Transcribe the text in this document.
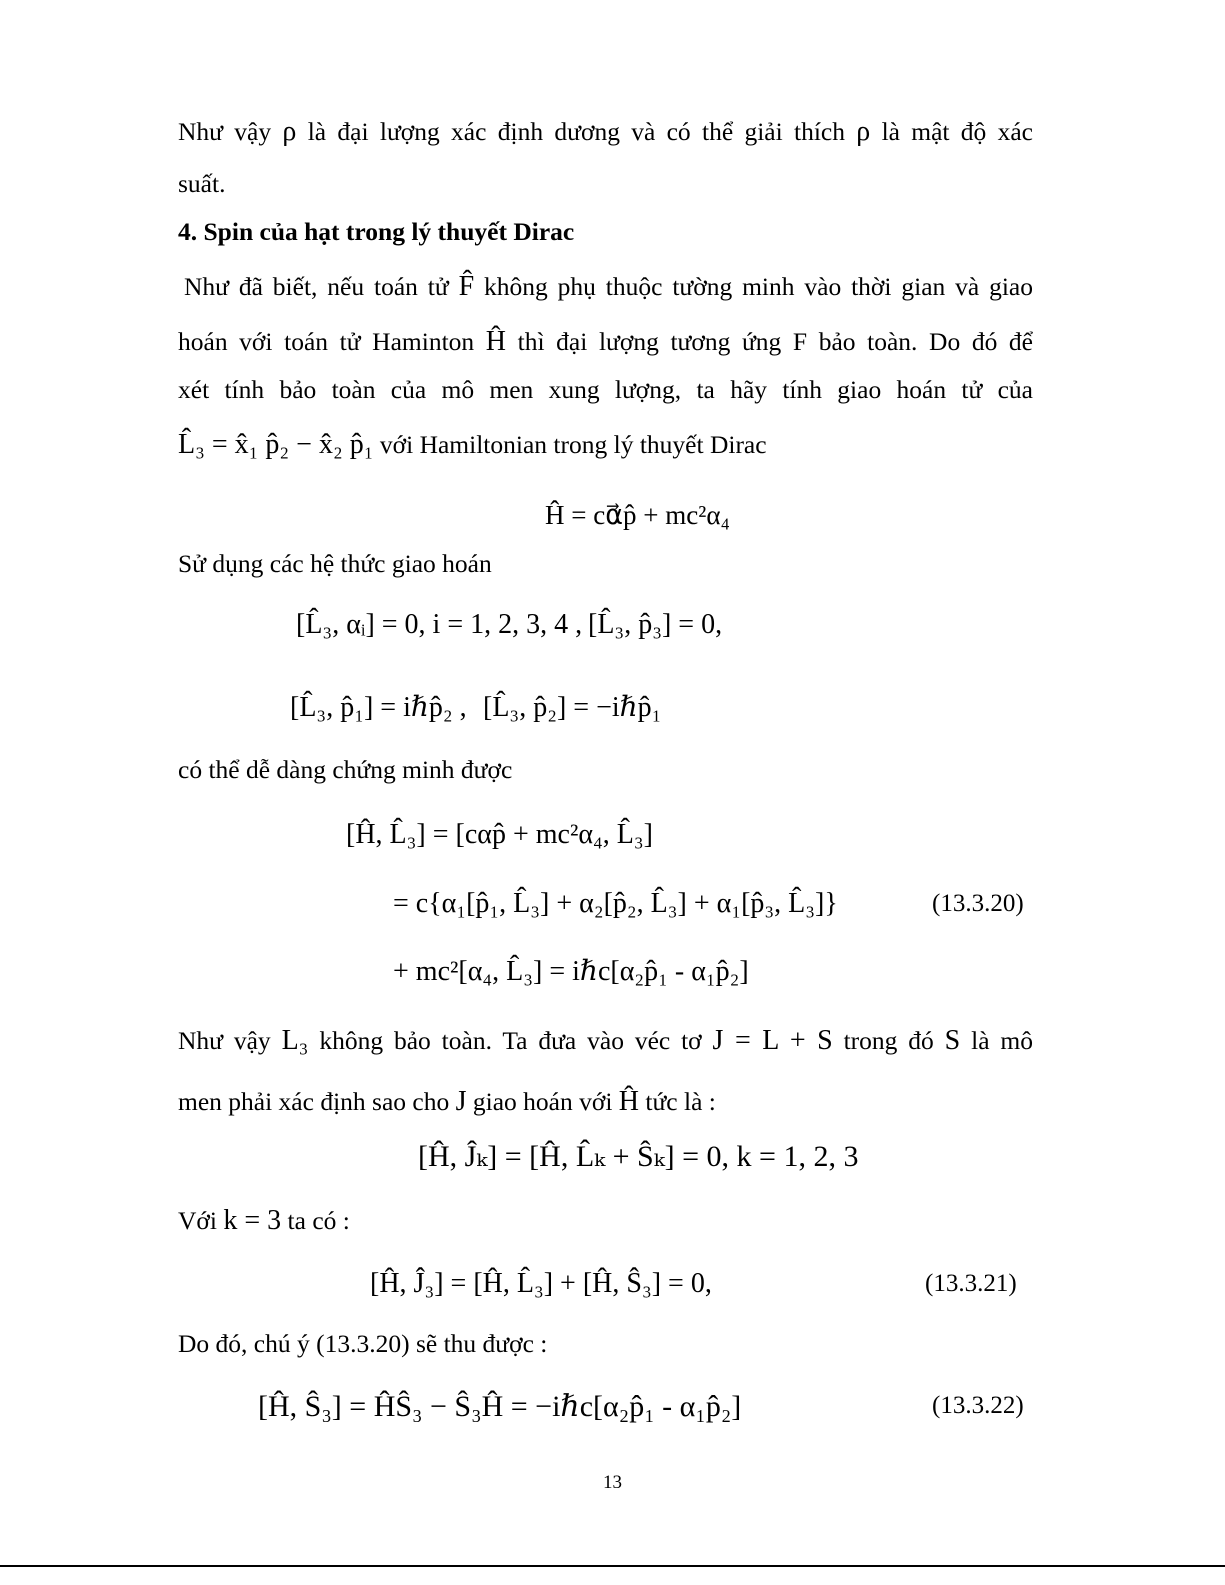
Như vậy ρ là đại lượng xác định dương và có thể giải thích ρ là mật độ xác
suất.
4. Spin của hạt trong lý thuyết Dirac
Như đã biết, nếu toán tử F̂ không phụ thuộc tường minh vào thời gian và giao
hoán với toán tử Haminton Ĥ thì đại lượng tương ứng F bảo toàn. Do đó để
xét tính bảo toàn của mô men xung lượng, ta hãy tính giao hoán tử của
L̂₃ = x̂₁ p̂₂ − x̂₂ p̂₁ với Hamiltonian trong lý thuyết Dirac
Ĥ = cα⃗p̂ + mc²α₄
Sử dụng các hệ thức giao hoán
[L̂₃, αᵢ] = 0, i = 1, 2, 3, 4 , [L̂₃, p̂₃] = 0,
[L̂₃, p̂₁] = iℏp̂₂ , [L̂₃, p̂₂] = −iℏp̂₁
có thể dễ dàng chứng minh được
[Ĥ, L̂₃] = [cαp̂ + mc²α₄, L̂₃]
= c{α₁[p̂₁, L̂₃] + α₂[p̂₂, L̂₃] + α₁[p̂₃, L̂₃]}
+ mc²[α₄, L̂₃] = iℏc[α₂p̂₁ - α₁p̂₂]
(13.3.20)
Như vậy L₃ không bảo toàn. Ta đưa vào véc tơ J = L + S trong đó S là mô
men phải xác định sao cho J giao hoán với Ĥ tức là :
[Ĥ, Ĵₖ] = [Ĥ, L̂ₖ + Ŝₖ] = 0, k = 1, 2, 3
Với k = 3 ta có :
[Ĥ, Ĵ₃] = [Ĥ, L̂₃] + [Ĥ, Ŝ₃] = 0,	(13.3.21)
Do đó, chú ý (13.3.20) sẽ thu được :
[Ĥ, Ŝ₃] = ĤŜ₃ − Ŝ₃Ĥ = −iℏc[α₂p̂₁ - α₁p̂₂]	(13.3.22)
13
